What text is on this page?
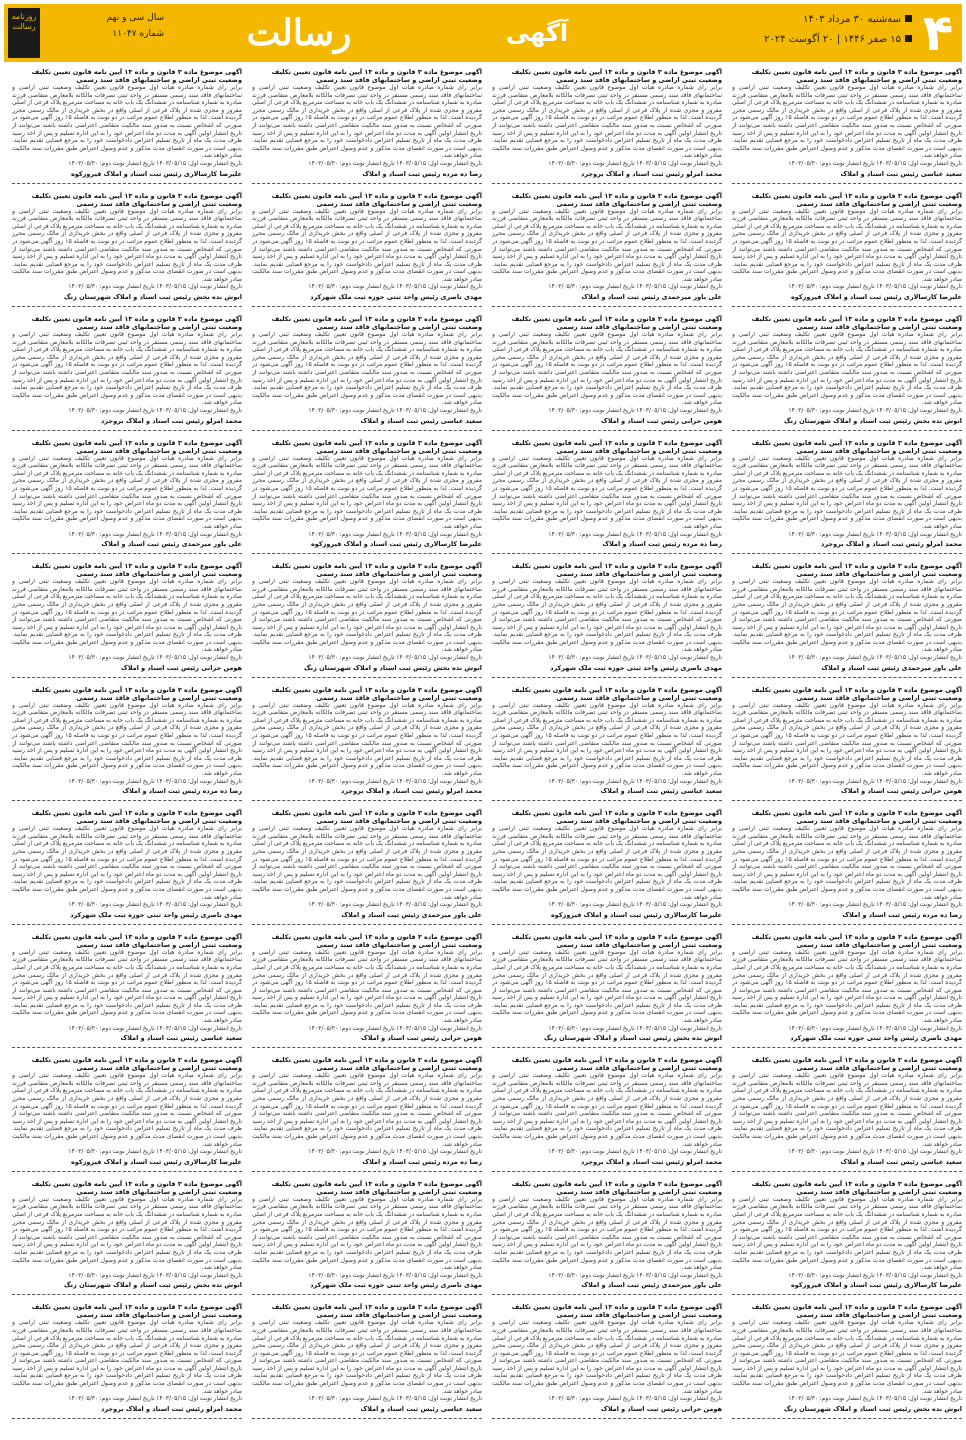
۴
سه‌شنبه ۳۰ مرداد ۱۴۰۳
۱۵ صفر ۱۴۴۶ | ۲۰ آگوست ۲۰۲۴
آگهی
رسالت
سال سی و نهم
شماره ۱۱۰۴۷
روزنامه رسالت
آگهی موضوع ماده ۳ قانون و ماده ۱۳ آیین نامه قانون تعیین تکلیف وضعیت ثبتی اراضی و ساختمانهای فاقد سند رسمی
برابر رای شماره صادره هیات اول موضوع قانون تعیین تکلیف وضعیت ثبتی اراضی و ساختمانهای فاقد سند رسمی مستقر در واحد ثبتی تصرفات مالکانه بلامعارض متقاضی فرزند صادره به شماره شناسنامه در ششدانگ یک باب خانه به مساحت مترمربع پلاک فرعی از اصلی مفروز و مجزی شده از پلاک فرعی از اصلی واقع در بخش خریداری از مالک رسمی محرز گردیده است. لذا به منظور اطلاع عموم مراتب در دو نوبت به فاصله ۱۵ روز آگهی می‌شود در صورتی که اشخاص نسبت به صدور سند مالکیت متقاضی اعتراضی داشته باشند می‌توانند از تاریخ انتشار اولین آگهی به مدت دو ماه اعتراض خود را به این اداره تسلیم و پس از اخذ رسید ظرف مدت یک ماه از تاریخ تسلیم اعتراض دادخواست خود را به مرجع قضایی تقدیم نمایند. بدیهی است در صورت انقضای مدت مذکور و عدم وصول اعتراض طبق مقررات سند مالکیت صادر خواهد شد.
تاریخ انتشار نوبت اول: ۱۴۰۳/۰۵/۱۵ تاریخ انتشار نوبت دوم: ۱۴۰۳/۰۵/۳۰
سعید عباسی رئیس ثبت اسناد و املاک
آگهی موضوع ماده ۳ قانون و ماده ۱۳ آیین نامه قانون تعیین تکلیف وضعیت ثبتی اراضی و ساختمانهای فاقد سند رسمی
برابر رای شماره صادره هیات اول موضوع قانون تعیین تکلیف وضعیت ثبتی اراضی و ساختمانهای فاقد سند رسمی مستقر در واحد ثبتی تصرفات مالکانه بلامعارض متقاضی فرزند صادره به شماره شناسنامه در ششدانگ یک باب خانه به مساحت مترمربع پلاک فرعی از اصلی مفروز و مجزی شده از پلاک فرعی از اصلی واقع در بخش خریداری از مالک رسمی محرز گردیده است. لذا به منظور اطلاع عموم مراتب در دو نوبت به فاصله ۱۵ روز آگهی می‌شود در صورتی که اشخاص نسبت به صدور سند مالکیت متقاضی اعتراضی داشته باشند می‌توانند از تاریخ انتشار اولین آگهی به مدت دو ماه اعتراض خود را به این اداره تسلیم و پس از اخذ رسید ظرف مدت یک ماه از تاریخ تسلیم اعتراض دادخواست خود را به مرجع قضایی تقدیم نمایند. بدیهی است در صورت انقضای مدت مذکور و عدم وصول اعتراض طبق مقررات سند مالکیت صادر خواهد شد.
تاریخ انتشار نوبت اول: ۱۴۰۳/۰۵/۱۵ تاریخ انتشار نوبت دوم: ۱۴۰۳/۰۵/۳۰
علیرضا کارسالاری رئیس ثبت اسناد و املاک فیروزکوه
آگهی موضوع ماده ۳ قانون و ماده ۱۳ آیین نامه قانون تعیین تکلیف وضعیت ثبتی اراضی و ساختمانهای فاقد سند رسمی
برابر رای شماره صادره هیات اول موضوع قانون تعیین تکلیف وضعیت ثبتی اراضی و ساختمانهای فاقد سند رسمی مستقر در واحد ثبتی تصرفات مالکانه بلامعارض متقاضی فرزند صادره به شماره شناسنامه در ششدانگ یک باب خانه به مساحت مترمربع پلاک فرعی از اصلی مفروز و مجزی شده از پلاک فرعی از اصلی واقع در بخش خریداری از مالک رسمی محرز گردیده است. لذا به منظور اطلاع عموم مراتب در دو نوبت به فاصله ۱۵ روز آگهی می‌شود در صورتی که اشخاص نسبت به صدور سند مالکیت متقاضی اعتراضی داشته باشند می‌توانند از تاریخ انتشار اولین آگهی به مدت دو ماه اعتراض خود را به این اداره تسلیم و پس از اخذ رسید ظرف مدت یک ماه از تاریخ تسلیم اعتراض دادخواست خود را به مرجع قضایی تقدیم نمایند. بدیهی است در صورت انقضای مدت مذکور و عدم وصول اعتراض طبق مقررات سند مالکیت صادر خواهد شد.
تاریخ انتشار نوبت اول: ۱۴۰۳/۰۵/۱۵ تاریخ انتشار نوبت دوم: ۱۴۰۳/۰۵/۳۰
انوش نده بخش رئیس ثبت اسناد و املاک شهرستان زنگ
آگهی موضوع ماده ۳ قانون و ماده ۱۳ آیین نامه قانون تعیین تکلیف وضعیت ثبتی اراضی و ساختمانهای فاقد سند رسمی
برابر رای شماره صادره هیات اول موضوع قانون تعیین تکلیف وضعیت ثبتی اراضی و ساختمانهای فاقد سند رسمی مستقر در واحد ثبتی تصرفات مالکانه بلامعارض متقاضی فرزند صادره به شماره شناسنامه در ششدانگ یک باب خانه به مساحت مترمربع پلاک فرعی از اصلی مفروز و مجزی شده از پلاک فرعی از اصلی واقع در بخش خریداری از مالک رسمی محرز گردیده است. لذا به منظور اطلاع عموم مراتب در دو نوبت به فاصله ۱۵ روز آگهی می‌شود در صورتی که اشخاص نسبت به صدور سند مالکیت متقاضی اعتراضی داشته باشند می‌توانند از تاریخ انتشار اولین آگهی به مدت دو ماه اعتراض خود را به این اداره تسلیم و پس از اخذ رسید ظرف مدت یک ماه از تاریخ تسلیم اعتراض دادخواست خود را به مرجع قضایی تقدیم نمایند. بدیهی است در صورت انقضای مدت مذکور و عدم وصول اعتراض طبق مقررات سند مالکیت صادر خواهد شد.
تاریخ انتشار نوبت اول: ۱۴۰۳/۰۵/۱۵ تاریخ انتشار نوبت دوم: ۱۴۰۳/۰۵/۳۰
محمد امرلو رئیس ثبت اسناد و املاک بروجرد
آگهی موضوع ماده ۳ قانون و ماده ۱۳ آیین نامه قانون تعیین تکلیف وضعیت ثبتی اراضی و ساختمانهای فاقد سند رسمی
برابر رای شماره صادره هیات اول موضوع قانون تعیین تکلیف وضعیت ثبتی اراضی و ساختمانهای فاقد سند رسمی مستقر در واحد ثبتی تصرفات مالکانه بلامعارض متقاضی فرزند صادره به شماره شناسنامه در ششدانگ یک باب خانه به مساحت مترمربع پلاک فرعی از اصلی مفروز و مجزی شده از پلاک فرعی از اصلی واقع در بخش خریداری از مالک رسمی محرز گردیده است. لذا به منظور اطلاع عموم مراتب در دو نوبت به فاصله ۱۵ روز آگهی می‌شود در صورتی که اشخاص نسبت به صدور سند مالکیت متقاضی اعتراضی داشته باشند می‌توانند از تاریخ انتشار اولین آگهی به مدت دو ماه اعتراض خود را به این اداره تسلیم و پس از اخذ رسید ظرف مدت یک ماه از تاریخ تسلیم اعتراض دادخواست خود را به مرجع قضایی تقدیم نمایند. بدیهی است در صورت انقضای مدت مذکور و عدم وصول اعتراض طبق مقررات سند مالکیت صادر خواهد شد.
تاریخ انتشار نوبت اول: ۱۴۰۳/۰۵/۱۵ تاریخ انتشار نوبت دوم: ۱۴۰۳/۰۵/۳۰
علی یاور میرحمدی رئیس ثبت اسناد و املاک
آگهی موضوع ماده ۳ قانون و ماده ۱۳ آیین نامه قانون تعیین تکلیف وضعیت ثبتی اراضی و ساختمانهای فاقد سند رسمی
برابر رای شماره صادره هیات اول موضوع قانون تعیین تکلیف وضعیت ثبتی اراضی و ساختمانهای فاقد سند رسمی مستقر در واحد ثبتی تصرفات مالکانه بلامعارض متقاضی فرزند صادره به شماره شناسنامه در ششدانگ یک باب خانه به مساحت مترمربع پلاک فرعی از اصلی مفروز و مجزی شده از پلاک فرعی از اصلی واقع در بخش خریداری از مالک رسمی محرز گردیده است. لذا به منظور اطلاع عموم مراتب در دو نوبت به فاصله ۱۵ روز آگهی می‌شود در صورتی که اشخاص نسبت به صدور سند مالکیت متقاضی اعتراضی داشته باشند می‌توانند از تاریخ انتشار اولین آگهی به مدت دو ماه اعتراض خود را به این اداره تسلیم و پس از اخذ رسید ظرف مدت یک ماه از تاریخ تسلیم اعتراض دادخواست خود را به مرجع قضایی تقدیم نمایند. بدیهی است در صورت انقضای مدت مذکور و عدم وصول اعتراض طبق مقررات سند مالکیت صادر خواهد شد.
تاریخ انتشار نوبت اول: ۱۴۰۳/۰۵/۱۵ تاریخ انتشار نوبت دوم: ۱۴۰۳/۰۵/۳۰
هومن حرانی رئیس ثبت اسناد و املاک
آگهی موضوع ماده ۳ قانون و ماده ۱۳ آیین نامه قانون تعیین تکلیف وضعیت ثبتی اراضی و ساختمانهای فاقد سند رسمی
برابر رای شماره صادره هیات اول موضوع قانون تعیین تکلیف وضعیت ثبتی اراضی و ساختمانهای فاقد سند رسمی مستقر در واحد ثبتی تصرفات مالکانه بلامعارض متقاضی فرزند صادره به شماره شناسنامه در ششدانگ یک باب خانه به مساحت مترمربع پلاک فرعی از اصلی مفروز و مجزی شده از پلاک فرعی از اصلی واقع در بخش خریداری از مالک رسمی محرز گردیده است. لذا به منظور اطلاع عموم مراتب در دو نوبت به فاصله ۱۵ روز آگهی می‌شود در صورتی که اشخاص نسبت به صدور سند مالکیت متقاضی اعتراضی داشته باشند می‌توانند از تاریخ انتشار اولین آگهی به مدت دو ماه اعتراض خود را به این اداره تسلیم و پس از اخذ رسید ظرف مدت یک ماه از تاریخ تسلیم اعتراض دادخواست خود را به مرجع قضایی تقدیم نمایند. بدیهی است در صورت انقضای مدت مذکور و عدم وصول اعتراض طبق مقررات سند مالکیت صادر خواهد شد.
تاریخ انتشار نوبت اول: ۱۴۰۳/۰۵/۱۵ تاریخ انتشار نوبت دوم: ۱۴۰۳/۰۵/۳۰
رضا ده مرده رئیس ثبت اسناد و املاک
آگهی موضوع ماده ۳ قانون و ماده ۱۳ آیین نامه قانون تعیین تکلیف وضعیت ثبتی اراضی و ساختمانهای فاقد سند رسمی
برابر رای شماره صادره هیات اول موضوع قانون تعیین تکلیف وضعیت ثبتی اراضی و ساختمانهای فاقد سند رسمی مستقر در واحد ثبتی تصرفات مالکانه بلامعارض متقاضی فرزند صادره به شماره شناسنامه در ششدانگ یک باب خانه به مساحت مترمربع پلاک فرعی از اصلی مفروز و مجزی شده از پلاک فرعی از اصلی واقع در بخش خریداری از مالک رسمی محرز گردیده است. لذا به منظور اطلاع عموم مراتب در دو نوبت به فاصله ۱۵ روز آگهی می‌شود در صورتی که اشخاص نسبت به صدور سند مالکیت متقاضی اعتراضی داشته باشند می‌توانند از تاریخ انتشار اولین آگهی به مدت دو ماه اعتراض خود را به این اداره تسلیم و پس از اخذ رسید ظرف مدت یک ماه از تاریخ تسلیم اعتراض دادخواست خود را به مرجع قضایی تقدیم نمایند. بدیهی است در صورت انقضای مدت مذکور و عدم وصول اعتراض طبق مقررات سند مالکیت صادر خواهد شد.
تاریخ انتشار نوبت اول: ۱۴۰۳/۰۵/۱۵ تاریخ انتشار نوبت دوم: ۱۴۰۳/۰۵/۳۰
مهدی ناصری رئیس واحد ثبتی حوزه ثبت ملک شهرکرد
آگهی موضوع ماده ۳ قانون و ماده ۱۳ آیین نامه قانون تعیین تکلیف وضعیت ثبتی اراضی و ساختمانهای فاقد سند رسمی
برابر رای شماره صادره هیات اول موضوع قانون تعیین تکلیف وضعیت ثبتی اراضی و ساختمانهای فاقد سند رسمی مستقر در واحد ثبتی تصرفات مالکانه بلامعارض متقاضی فرزند صادره به شماره شناسنامه در ششدانگ یک باب خانه به مساحت مترمربع پلاک فرعی از اصلی مفروز و مجزی شده از پلاک فرعی از اصلی واقع در بخش خریداری از مالک رسمی محرز گردیده است. لذا به منظور اطلاع عموم مراتب در دو نوبت به فاصله ۱۵ روز آگهی می‌شود در صورتی که اشخاص نسبت به صدور سند مالکیت متقاضی اعتراضی داشته باشند می‌توانند از تاریخ انتشار اولین آگهی به مدت دو ماه اعتراض خود را به این اداره تسلیم و پس از اخذ رسید ظرف مدت یک ماه از تاریخ تسلیم اعتراض دادخواست خود را به مرجع قضایی تقدیم نمایند. بدیهی است در صورت انقضای مدت مذکور و عدم وصول اعتراض طبق مقررات سند مالکیت صادر خواهد شد.
تاریخ انتشار نوبت اول: ۱۴۰۳/۰۵/۱۵ تاریخ انتشار نوبت دوم: ۱۴۰۳/۰۵/۳۰
سعید عباسی رئیس ثبت اسناد و املاک
آگهی موضوع ماده ۳ قانون و ماده ۱۳ آیین نامه قانون تعیین تکلیف وضعیت ثبتی اراضی و ساختمانهای فاقد سند رسمی
برابر رای شماره صادره هیات اول موضوع قانون تعیین تکلیف وضعیت ثبتی اراضی و ساختمانهای فاقد سند رسمی مستقر در واحد ثبتی تصرفات مالکانه بلامعارض متقاضی فرزند صادره به شماره شناسنامه در ششدانگ یک باب خانه به مساحت مترمربع پلاک فرعی از اصلی مفروز و مجزی شده از پلاک فرعی از اصلی واقع در بخش خریداری از مالک رسمی محرز گردیده است. لذا به منظور اطلاع عموم مراتب در دو نوبت به فاصله ۱۵ روز آگهی می‌شود در صورتی که اشخاص نسبت به صدور سند مالکیت متقاضی اعتراضی داشته باشند می‌توانند از تاریخ انتشار اولین آگهی به مدت دو ماه اعتراض خود را به این اداره تسلیم و پس از اخذ رسید ظرف مدت یک ماه از تاریخ تسلیم اعتراض دادخواست خود را به مرجع قضایی تقدیم نمایند. بدیهی است در صورت انقضای مدت مذکور و عدم وصول اعتراض طبق مقررات سند مالکیت صادر خواهد شد.
تاریخ انتشار نوبت اول: ۱۴۰۳/۰۵/۱۵ تاریخ انتشار نوبت دوم: ۱۴۰۳/۰۵/۳۰
علیرضا کارسالاری رئیس ثبت اسناد و املاک فیروزکوه
آگهی موضوع ماده ۳ قانون و ماده ۱۳ آیین نامه قانون تعیین تکلیف وضعیت ثبتی اراضی و ساختمانهای فاقد سند رسمی
برابر رای شماره صادره هیات اول موضوع قانون تعیین تکلیف وضعیت ثبتی اراضی و ساختمانهای فاقد سند رسمی مستقر در واحد ثبتی تصرفات مالکانه بلامعارض متقاضی فرزند صادره به شماره شناسنامه در ششدانگ یک باب خانه به مساحت مترمربع پلاک فرعی از اصلی مفروز و مجزی شده از پلاک فرعی از اصلی واقع در بخش خریداری از مالک رسمی محرز گردیده است. لذا به منظور اطلاع عموم مراتب در دو نوبت به فاصله ۱۵ روز آگهی می‌شود در صورتی که اشخاص نسبت به صدور سند مالکیت متقاضی اعتراضی داشته باشند می‌توانند از تاریخ انتشار اولین آگهی به مدت دو ماه اعتراض خود را به این اداره تسلیم و پس از اخذ رسید ظرف مدت یک ماه از تاریخ تسلیم اعتراض دادخواست خود را به مرجع قضایی تقدیم نمایند. بدیهی است در صورت انقضای مدت مذکور و عدم وصول اعتراض طبق مقررات سند مالکیت صادر خواهد شد.
تاریخ انتشار نوبت اول: ۱۴۰۳/۰۵/۱۵ تاریخ انتشار نوبت دوم: ۱۴۰۳/۰۵/۳۰
انوش نده بخش رئیس ثبت اسناد و املاک شهرستان زنگ
آگهی موضوع ماده ۳ قانون و ماده ۱۳ آیین نامه قانون تعیین تکلیف وضعیت ثبتی اراضی و ساختمانهای فاقد سند رسمی
برابر رای شماره صادره هیات اول موضوع قانون تعیین تکلیف وضعیت ثبتی اراضی و ساختمانهای فاقد سند رسمی مستقر در واحد ثبتی تصرفات مالکانه بلامعارض متقاضی فرزند صادره به شماره شناسنامه در ششدانگ یک باب خانه به مساحت مترمربع پلاک فرعی از اصلی مفروز و مجزی شده از پلاک فرعی از اصلی واقع در بخش خریداری از مالک رسمی محرز گردیده است. لذا به منظور اطلاع عموم مراتب در دو نوبت به فاصله ۱۵ روز آگهی می‌شود در صورتی که اشخاص نسبت به صدور سند مالکیت متقاضی اعتراضی داشته باشند می‌توانند از تاریخ انتشار اولین آگهی به مدت دو ماه اعتراض خود را به این اداره تسلیم و پس از اخذ رسید ظرف مدت یک ماه از تاریخ تسلیم اعتراض دادخواست خود را به مرجع قضایی تقدیم نمایند. بدیهی است در صورت انقضای مدت مذکور و عدم وصول اعتراض طبق مقررات سند مالکیت صادر خواهد شد.
تاریخ انتشار نوبت اول: ۱۴۰۳/۰۵/۱۵ تاریخ انتشار نوبت دوم: ۱۴۰۳/۰۵/۳۰
محمد امرلو رئیس ثبت اسناد و املاک بروجرد
آگهی موضوع ماده ۳ قانون و ماده ۱۳ آیین نامه قانون تعیین تکلیف وضعیت ثبتی اراضی و ساختمانهای فاقد سند رسمی
برابر رای شماره صادره هیات اول موضوع قانون تعیین تکلیف وضعیت ثبتی اراضی و ساختمانهای فاقد سند رسمی مستقر در واحد ثبتی تصرفات مالکانه بلامعارض متقاضی فرزند صادره به شماره شناسنامه در ششدانگ یک باب خانه به مساحت مترمربع پلاک فرعی از اصلی مفروز و مجزی شده از پلاک فرعی از اصلی واقع در بخش خریداری از مالک رسمی محرز گردیده است. لذا به منظور اطلاع عموم مراتب در دو نوبت به فاصله ۱۵ روز آگهی می‌شود در صورتی که اشخاص نسبت به صدور سند مالکیت متقاضی اعتراضی داشته باشند می‌توانند از تاریخ انتشار اولین آگهی به مدت دو ماه اعتراض خود را به این اداره تسلیم و پس از اخذ رسید ظرف مدت یک ماه از تاریخ تسلیم اعتراض دادخواست خود را به مرجع قضایی تقدیم نمایند. بدیهی است در صورت انقضای مدت مذکور و عدم وصول اعتراض طبق مقررات سند مالکیت صادر خواهد شد.
تاریخ انتشار نوبت اول: ۱۴۰۳/۰۵/۱۵ تاریخ انتشار نوبت دوم: ۱۴۰۳/۰۵/۳۰
علی یاور میرحمدی رئیس ثبت اسناد و املاک
آگهی موضوع ماده ۳ قانون و ماده ۱۳ آیین نامه قانون تعیین تکلیف وضعیت ثبتی اراضی و ساختمانهای فاقد سند رسمی
برابر رای شماره صادره هیات اول موضوع قانون تعیین تکلیف وضعیت ثبتی اراضی و ساختمانهای فاقد سند رسمی مستقر در واحد ثبتی تصرفات مالکانه بلامعارض متقاضی فرزند صادره به شماره شناسنامه در ششدانگ یک باب خانه به مساحت مترمربع پلاک فرعی از اصلی مفروز و مجزی شده از پلاک فرعی از اصلی واقع در بخش خریداری از مالک رسمی محرز گردیده است. لذا به منظور اطلاع عموم مراتب در دو نوبت به فاصله ۱۵ روز آگهی می‌شود در صورتی که اشخاص نسبت به صدور سند مالکیت متقاضی اعتراضی داشته باشند می‌توانند از تاریخ انتشار اولین آگهی به مدت دو ماه اعتراض خود را به این اداره تسلیم و پس از اخذ رسید ظرف مدت یک ماه از تاریخ تسلیم اعتراض دادخواست خود را به مرجع قضایی تقدیم نمایند. بدیهی است در صورت انقضای مدت مذکور و عدم وصول اعتراض طبق مقررات سند مالکیت صادر خواهد شد.
تاریخ انتشار نوبت اول: ۱۴۰۳/۰۵/۱۵ تاریخ انتشار نوبت دوم: ۱۴۰۳/۰۵/۳۰
هومن حرانی رئیس ثبت اسناد و املاک
آگهی موضوع ماده ۳ قانون و ماده ۱۳ آیین نامه قانون تعیین تکلیف وضعیت ثبتی اراضی و ساختمانهای فاقد سند رسمی
برابر رای شماره صادره هیات اول موضوع قانون تعیین تکلیف وضعیت ثبتی اراضی و ساختمانهای فاقد سند رسمی مستقر در واحد ثبتی تصرفات مالکانه بلامعارض متقاضی فرزند صادره به شماره شناسنامه در ششدانگ یک باب خانه به مساحت مترمربع پلاک فرعی از اصلی مفروز و مجزی شده از پلاک فرعی از اصلی واقع در بخش خریداری از مالک رسمی محرز گردیده است. لذا به منظور اطلاع عموم مراتب در دو نوبت به فاصله ۱۵ روز آگهی می‌شود در صورتی که اشخاص نسبت به صدور سند مالکیت متقاضی اعتراضی داشته باشند می‌توانند از تاریخ انتشار اولین آگهی به مدت دو ماه اعتراض خود را به این اداره تسلیم و پس از اخذ رسید ظرف مدت یک ماه از تاریخ تسلیم اعتراض دادخواست خود را به مرجع قضایی تقدیم نمایند. بدیهی است در صورت انقضای مدت مذکور و عدم وصول اعتراض طبق مقررات سند مالکیت صادر خواهد شد.
تاریخ انتشار نوبت اول: ۱۴۰۳/۰۵/۱۵ تاریخ انتشار نوبت دوم: ۱۴۰۳/۰۵/۳۰
رضا ده مرده رئیس ثبت اسناد و املاک
آگهی موضوع ماده ۳ قانون و ماده ۱۳ آیین نامه قانون تعیین تکلیف وضعیت ثبتی اراضی و ساختمانهای فاقد سند رسمی
برابر رای شماره صادره هیات اول موضوع قانون تعیین تکلیف وضعیت ثبتی اراضی و ساختمانهای فاقد سند رسمی مستقر در واحد ثبتی تصرفات مالکانه بلامعارض متقاضی فرزند صادره به شماره شناسنامه در ششدانگ یک باب خانه به مساحت مترمربع پلاک فرعی از اصلی مفروز و مجزی شده از پلاک فرعی از اصلی واقع در بخش خریداری از مالک رسمی محرز گردیده است. لذا به منظور اطلاع عموم مراتب در دو نوبت به فاصله ۱۵ روز آگهی می‌شود در صورتی که اشخاص نسبت به صدور سند مالکیت متقاضی اعتراضی داشته باشند می‌توانند از تاریخ انتشار اولین آگهی به مدت دو ماه اعتراض خود را به این اداره تسلیم و پس از اخذ رسید ظرف مدت یک ماه از تاریخ تسلیم اعتراض دادخواست خود را به مرجع قضایی تقدیم نمایند. بدیهی است در صورت انقضای مدت مذکور و عدم وصول اعتراض طبق مقررات سند مالکیت صادر خواهد شد.
تاریخ انتشار نوبت اول: ۱۴۰۳/۰۵/۱۵ تاریخ انتشار نوبت دوم: ۱۴۰۳/۰۵/۳۰
مهدی ناصری رئیس واحد ثبتی حوزه ثبت ملک شهرکرد
آگهی موضوع ماده ۳ قانون و ماده ۱۳ آیین نامه قانون تعیین تکلیف وضعیت ثبتی اراضی و ساختمانهای فاقد سند رسمی
برابر رای شماره صادره هیات اول موضوع قانون تعیین تکلیف وضعیت ثبتی اراضی و ساختمانهای فاقد سند رسمی مستقر در واحد ثبتی تصرفات مالکانه بلامعارض متقاضی فرزند صادره به شماره شناسنامه در ششدانگ یک باب خانه به مساحت مترمربع پلاک فرعی از اصلی مفروز و مجزی شده از پلاک فرعی از اصلی واقع در بخش خریداری از مالک رسمی محرز گردیده است. لذا به منظور اطلاع عموم مراتب در دو نوبت به فاصله ۱۵ روز آگهی می‌شود در صورتی که اشخاص نسبت به صدور سند مالکیت متقاضی اعتراضی داشته باشند می‌توانند از تاریخ انتشار اولین آگهی به مدت دو ماه اعتراض خود را به این اداره تسلیم و پس از اخذ رسید ظرف مدت یک ماه از تاریخ تسلیم اعتراض دادخواست خود را به مرجع قضایی تقدیم نمایند. بدیهی است در صورت انقضای مدت مذکور و عدم وصول اعتراض طبق مقررات سند مالکیت صادر خواهد شد.
تاریخ انتشار نوبت اول: ۱۴۰۳/۰۵/۱۵ تاریخ انتشار نوبت دوم: ۱۴۰۳/۰۵/۳۰
سعید عباسی رئیس ثبت اسناد و املاک
آگهی موضوع ماده ۳ قانون و ماده ۱۳ آیین نامه قانون تعیین تکلیف وضعیت ثبتی اراضی و ساختمانهای فاقد سند رسمی
برابر رای شماره صادره هیات اول موضوع قانون تعیین تکلیف وضعیت ثبتی اراضی و ساختمانهای فاقد سند رسمی مستقر در واحد ثبتی تصرفات مالکانه بلامعارض متقاضی فرزند صادره به شماره شناسنامه در ششدانگ یک باب خانه به مساحت مترمربع پلاک فرعی از اصلی مفروز و مجزی شده از پلاک فرعی از اصلی واقع در بخش خریداری از مالک رسمی محرز گردیده است. لذا به منظور اطلاع عموم مراتب در دو نوبت به فاصله ۱۵ روز آگهی می‌شود در صورتی که اشخاص نسبت به صدور سند مالکیت متقاضی اعتراضی داشته باشند می‌توانند از تاریخ انتشار اولین آگهی به مدت دو ماه اعتراض خود را به این اداره تسلیم و پس از اخذ رسید ظرف مدت یک ماه از تاریخ تسلیم اعتراض دادخواست خود را به مرجع قضایی تقدیم نمایند. بدیهی است در صورت انقضای مدت مذکور و عدم وصول اعتراض طبق مقررات سند مالکیت صادر خواهد شد.
تاریخ انتشار نوبت اول: ۱۴۰۳/۰۵/۱۵ تاریخ انتشار نوبت دوم: ۱۴۰۳/۰۵/۳۰
علیرضا کارسالاری رئیس ثبت اسناد و املاک فیروزکوه
آگهی موضوع ماده ۳ قانون و ماده ۱۳ آیین نامه قانون تعیین تکلیف وضعیت ثبتی اراضی و ساختمانهای فاقد سند رسمی
برابر رای شماره صادره هیات اول موضوع قانون تعیین تکلیف وضعیت ثبتی اراضی و ساختمانهای فاقد سند رسمی مستقر در واحد ثبتی تصرفات مالکانه بلامعارض متقاضی فرزند صادره به شماره شناسنامه در ششدانگ یک باب خانه به مساحت مترمربع پلاک فرعی از اصلی مفروز و مجزی شده از پلاک فرعی از اصلی واقع در بخش خریداری از مالک رسمی محرز گردیده است. لذا به منظور اطلاع عموم مراتب در دو نوبت به فاصله ۱۵ روز آگهی می‌شود در صورتی که اشخاص نسبت به صدور سند مالکیت متقاضی اعتراضی داشته باشند می‌توانند از تاریخ انتشار اولین آگهی به مدت دو ماه اعتراض خود را به این اداره تسلیم و پس از اخذ رسید ظرف مدت یک ماه از تاریخ تسلیم اعتراض دادخواست خود را به مرجع قضایی تقدیم نمایند. بدیهی است در صورت انقضای مدت مذکور و عدم وصول اعتراض طبق مقررات سند مالکیت صادر خواهد شد.
تاریخ انتشار نوبت اول: ۱۴۰۳/۰۵/۱۵ تاریخ انتشار نوبت دوم: ۱۴۰۳/۰۵/۳۰
انوش نده بخش رئیس ثبت اسناد و املاک شهرستان زنگ
آگهی موضوع ماده ۳ قانون و ماده ۱۳ آیین نامه قانون تعیین تکلیف وضعیت ثبتی اراضی و ساختمانهای فاقد سند رسمی
برابر رای شماره صادره هیات اول موضوع قانون تعیین تکلیف وضعیت ثبتی اراضی و ساختمانهای فاقد سند رسمی مستقر در واحد ثبتی تصرفات مالکانه بلامعارض متقاضی فرزند صادره به شماره شناسنامه در ششدانگ یک باب خانه به مساحت مترمربع پلاک فرعی از اصلی مفروز و مجزی شده از پلاک فرعی از اصلی واقع در بخش خریداری از مالک رسمی محرز گردیده است. لذا به منظور اطلاع عموم مراتب در دو نوبت به فاصله ۱۵ روز آگهی می‌شود در صورتی که اشخاص نسبت به صدور سند مالکیت متقاضی اعتراضی داشته باشند می‌توانند از تاریخ انتشار اولین آگهی به مدت دو ماه اعتراض خود را به این اداره تسلیم و پس از اخذ رسید ظرف مدت یک ماه از تاریخ تسلیم اعتراض دادخواست خود را به مرجع قضایی تقدیم نمایند. بدیهی است در صورت انقضای مدت مذکور و عدم وصول اعتراض طبق مقررات سند مالکیت صادر خواهد شد.
تاریخ انتشار نوبت اول: ۱۴۰۳/۰۵/۱۵ تاریخ انتشار نوبت دوم: ۱۴۰۳/۰۵/۳۰
محمد امرلو رئیس ثبت اسناد و املاک بروجرد
آگهی موضوع ماده ۳ قانون و ماده ۱۳ آیین نامه قانون تعیین تکلیف وضعیت ثبتی اراضی و ساختمانهای فاقد سند رسمی
برابر رای شماره صادره هیات اول موضوع قانون تعیین تکلیف وضعیت ثبتی اراضی و ساختمانهای فاقد سند رسمی مستقر در واحد ثبتی تصرفات مالکانه بلامعارض متقاضی فرزند صادره به شماره شناسنامه در ششدانگ یک باب خانه به مساحت مترمربع پلاک فرعی از اصلی مفروز و مجزی شده از پلاک فرعی از اصلی واقع در بخش خریداری از مالک رسمی محرز گردیده است. لذا به منظور اطلاع عموم مراتب در دو نوبت به فاصله ۱۵ روز آگهی می‌شود در صورتی که اشخاص نسبت به صدور سند مالکیت متقاضی اعتراضی داشته باشند می‌توانند از تاریخ انتشار اولین آگهی به مدت دو ماه اعتراض خود را به این اداره تسلیم و پس از اخذ رسید ظرف مدت یک ماه از تاریخ تسلیم اعتراض دادخواست خود را به مرجع قضایی تقدیم نمایند. بدیهی است در صورت انقضای مدت مذکور و عدم وصول اعتراض طبق مقررات سند مالکیت صادر خواهد شد.
تاریخ انتشار نوبت اول: ۱۴۰۳/۰۵/۱۵ تاریخ انتشار نوبت دوم: ۱۴۰۳/۰۵/۳۰
علی یاور میرحمدی رئیس ثبت اسناد و املاک
آگهی موضوع ماده ۳ قانون و ماده ۱۳ آیین نامه قانون تعیین تکلیف وضعیت ثبتی اراضی و ساختمانهای فاقد سند رسمی
برابر رای شماره صادره هیات اول موضوع قانون تعیین تکلیف وضعیت ثبتی اراضی و ساختمانهای فاقد سند رسمی مستقر در واحد ثبتی تصرفات مالکانه بلامعارض متقاضی فرزند صادره به شماره شناسنامه در ششدانگ یک باب خانه به مساحت مترمربع پلاک فرعی از اصلی مفروز و مجزی شده از پلاک فرعی از اصلی واقع در بخش خریداری از مالک رسمی محرز گردیده است. لذا به منظور اطلاع عموم مراتب در دو نوبت به فاصله ۱۵ روز آگهی می‌شود در صورتی که اشخاص نسبت به صدور سند مالکیت متقاضی اعتراضی داشته باشند می‌توانند از تاریخ انتشار اولین آگهی به مدت دو ماه اعتراض خود را به این اداره تسلیم و پس از اخذ رسید ظرف مدت یک ماه از تاریخ تسلیم اعتراض دادخواست خود را به مرجع قضایی تقدیم نمایند. بدیهی است در صورت انقضای مدت مذکور و عدم وصول اعتراض طبق مقررات سند مالکیت صادر خواهد شد.
تاریخ انتشار نوبت اول: ۱۴۰۳/۰۵/۱۵ تاریخ انتشار نوبت دوم: ۱۴۰۳/۰۵/۳۰
هومن حرانی رئیس ثبت اسناد و املاک
آگهی موضوع ماده ۳ قانون و ماده ۱۳ آیین نامه قانون تعیین تکلیف وضعیت ثبتی اراضی و ساختمانهای فاقد سند رسمی
برابر رای شماره صادره هیات اول موضوع قانون تعیین تکلیف وضعیت ثبتی اراضی و ساختمانهای فاقد سند رسمی مستقر در واحد ثبتی تصرفات مالکانه بلامعارض متقاضی فرزند صادره به شماره شناسنامه در ششدانگ یک باب خانه به مساحت مترمربع پلاک فرعی از اصلی مفروز و مجزی شده از پلاک فرعی از اصلی واقع در بخش خریداری از مالک رسمی محرز گردیده است. لذا به منظور اطلاع عموم مراتب در دو نوبت به فاصله ۱۵ روز آگهی می‌شود در صورتی که اشخاص نسبت به صدور سند مالکیت متقاضی اعتراضی داشته باشند می‌توانند از تاریخ انتشار اولین آگهی به مدت دو ماه اعتراض خود را به این اداره تسلیم و پس از اخذ رسید ظرف مدت یک ماه از تاریخ تسلیم اعتراض دادخواست خود را به مرجع قضایی تقدیم نمایند. بدیهی است در صورت انقضای مدت مذکور و عدم وصول اعتراض طبق مقررات سند مالکیت صادر خواهد شد.
تاریخ انتشار نوبت اول: ۱۴۰۳/۰۵/۱۵ تاریخ انتشار نوبت دوم: ۱۴۰۳/۰۵/۳۰
رضا ده مرده رئیس ثبت اسناد و املاک
آگهی موضوع ماده ۳ قانون و ماده ۱۳ آیین نامه قانون تعیین تکلیف وضعیت ثبتی اراضی و ساختمانهای فاقد سند رسمی
برابر رای شماره صادره هیات اول موضوع قانون تعیین تکلیف وضعیت ثبتی اراضی و ساختمانهای فاقد سند رسمی مستقر در واحد ثبتی تصرفات مالکانه بلامعارض متقاضی فرزند صادره به شماره شناسنامه در ششدانگ یک باب خانه به مساحت مترمربع پلاک فرعی از اصلی مفروز و مجزی شده از پلاک فرعی از اصلی واقع در بخش خریداری از مالک رسمی محرز گردیده است. لذا به منظور اطلاع عموم مراتب در دو نوبت به فاصله ۱۵ روز آگهی می‌شود در صورتی که اشخاص نسبت به صدور سند مالکیت متقاضی اعتراضی داشته باشند می‌توانند از تاریخ انتشار اولین آگهی به مدت دو ماه اعتراض خود را به این اداره تسلیم و پس از اخذ رسید ظرف مدت یک ماه از تاریخ تسلیم اعتراض دادخواست خود را به مرجع قضایی تقدیم نمایند. بدیهی است در صورت انقضای مدت مذکور و عدم وصول اعتراض طبق مقررات سند مالکیت صادر خواهد شد.
تاریخ انتشار نوبت اول: ۱۴۰۳/۰۵/۱۵ تاریخ انتشار نوبت دوم: ۱۴۰۳/۰۵/۳۰
مهدی ناصری رئیس واحد ثبتی حوزه ثبت ملک شهرکرد
آگهی موضوع ماده ۳ قانون و ماده ۱۳ آیین نامه قانون تعیین تکلیف وضعیت ثبتی اراضی و ساختمانهای فاقد سند رسمی
برابر رای شماره صادره هیات اول موضوع قانون تعیین تکلیف وضعیت ثبتی اراضی و ساختمانهای فاقد سند رسمی مستقر در واحد ثبتی تصرفات مالکانه بلامعارض متقاضی فرزند صادره به شماره شناسنامه در ششدانگ یک باب خانه به مساحت مترمربع پلاک فرعی از اصلی مفروز و مجزی شده از پلاک فرعی از اصلی واقع در بخش خریداری از مالک رسمی محرز گردیده است. لذا به منظور اطلاع عموم مراتب در دو نوبت به فاصله ۱۵ روز آگهی می‌شود در صورتی که اشخاص نسبت به صدور سند مالکیت متقاضی اعتراضی داشته باشند می‌توانند از تاریخ انتشار اولین آگهی به مدت دو ماه اعتراض خود را به این اداره تسلیم و پس از اخذ رسید ظرف مدت یک ماه از تاریخ تسلیم اعتراض دادخواست خود را به مرجع قضایی تقدیم نمایند. بدیهی است در صورت انقضای مدت مذکور و عدم وصول اعتراض طبق مقررات سند مالکیت صادر خواهد شد.
تاریخ انتشار نوبت اول: ۱۴۰۳/۰۵/۱۵ تاریخ انتشار نوبت دوم: ۱۴۰۳/۰۵/۳۰
سعید عباسی رئیس ثبت اسناد و املاک
آگهی موضوع ماده ۳ قانون و ماده ۱۳ آیین نامه قانون تعیین تکلیف وضعیت ثبتی اراضی و ساختمانهای فاقد سند رسمی
برابر رای شماره صادره هیات اول موضوع قانون تعیین تکلیف وضعیت ثبتی اراضی و ساختمانهای فاقد سند رسمی مستقر در واحد ثبتی تصرفات مالکانه بلامعارض متقاضی فرزند صادره به شماره شناسنامه در ششدانگ یک باب خانه به مساحت مترمربع پلاک فرعی از اصلی مفروز و مجزی شده از پلاک فرعی از اصلی واقع در بخش خریداری از مالک رسمی محرز گردیده است. لذا به منظور اطلاع عموم مراتب در دو نوبت به فاصله ۱۵ روز آگهی می‌شود در صورتی که اشخاص نسبت به صدور سند مالکیت متقاضی اعتراضی داشته باشند می‌توانند از تاریخ انتشار اولین آگهی به مدت دو ماه اعتراض خود را به این اداره تسلیم و پس از اخذ رسید ظرف مدت یک ماه از تاریخ تسلیم اعتراض دادخواست خود را به مرجع قضایی تقدیم نمایند. بدیهی است در صورت انقضای مدت مذکور و عدم وصول اعتراض طبق مقررات سند مالکیت صادر خواهد شد.
تاریخ انتشار نوبت اول: ۱۴۰۳/۰۵/۱۵ تاریخ انتشار نوبت دوم: ۱۴۰۳/۰۵/۳۰
علیرضا کارسالاری رئیس ثبت اسناد و املاک فیروزکوه
آگهی موضوع ماده ۳ قانون و ماده ۱۳ آیین نامه قانون تعیین تکلیف وضعیت ثبتی اراضی و ساختمانهای فاقد سند رسمی
برابر رای شماره صادره هیات اول موضوع قانون تعیین تکلیف وضعیت ثبتی اراضی و ساختمانهای فاقد سند رسمی مستقر در واحد ثبتی تصرفات مالکانه بلامعارض متقاضی فرزند صادره به شماره شناسنامه در ششدانگ یک باب خانه به مساحت مترمربع پلاک فرعی از اصلی مفروز و مجزی شده از پلاک فرعی از اصلی واقع در بخش خریداری از مالک رسمی محرز گردیده است. لذا به منظور اطلاع عموم مراتب در دو نوبت به فاصله ۱۵ روز آگهی می‌شود در صورتی که اشخاص نسبت به صدور سند مالکیت متقاضی اعتراضی داشته باشند می‌توانند از تاریخ انتشار اولین آگهی به مدت دو ماه اعتراض خود را به این اداره تسلیم و پس از اخذ رسید ظرف مدت یک ماه از تاریخ تسلیم اعتراض دادخواست خود را به مرجع قضایی تقدیم نمایند. بدیهی است در صورت انقضای مدت مذکور و عدم وصول اعتراض طبق مقررات سند مالکیت صادر خواهد شد.
تاریخ انتشار نوبت اول: ۱۴۰۳/۰۵/۱۵ تاریخ انتشار نوبت دوم: ۱۴۰۳/۰۵/۳۰
انوش نده بخش رئیس ثبت اسناد و املاک شهرستان زنگ
آگهی موضوع ماده ۳ قانون و ماده ۱۳ آیین نامه قانون تعیین تکلیف وضعیت ثبتی اراضی و ساختمانهای فاقد سند رسمی
برابر رای شماره صادره هیات اول موضوع قانون تعیین تکلیف وضعیت ثبتی اراضی و ساختمانهای فاقد سند رسمی مستقر در واحد ثبتی تصرفات مالکانه بلامعارض متقاضی فرزند صادره به شماره شناسنامه در ششدانگ یک باب خانه به مساحت مترمربع پلاک فرعی از اصلی مفروز و مجزی شده از پلاک فرعی از اصلی واقع در بخش خریداری از مالک رسمی محرز گردیده است. لذا به منظور اطلاع عموم مراتب در دو نوبت به فاصله ۱۵ روز آگهی می‌شود در صورتی که اشخاص نسبت به صدور سند مالکیت متقاضی اعتراضی داشته باشند می‌توانند از تاریخ انتشار اولین آگهی به مدت دو ماه اعتراض خود را به این اداره تسلیم و پس از اخذ رسید ظرف مدت یک ماه از تاریخ تسلیم اعتراض دادخواست خود را به مرجع قضایی تقدیم نمایند. بدیهی است در صورت انقضای مدت مذکور و عدم وصول اعتراض طبق مقررات سند مالکیت صادر خواهد شد.
تاریخ انتشار نوبت اول: ۱۴۰۳/۰۵/۱۵ تاریخ انتشار نوبت دوم: ۱۴۰۳/۰۵/۳۰
محمد امرلو رئیس ثبت اسناد و املاک بروجرد
آگهی موضوع ماده ۳ قانون و ماده ۱۳ آیین نامه قانون تعیین تکلیف وضعیت ثبتی اراضی و ساختمانهای فاقد سند رسمی
برابر رای شماره صادره هیات اول موضوع قانون تعیین تکلیف وضعیت ثبتی اراضی و ساختمانهای فاقد سند رسمی مستقر در واحد ثبتی تصرفات مالکانه بلامعارض متقاضی فرزند صادره به شماره شناسنامه در ششدانگ یک باب خانه به مساحت مترمربع پلاک فرعی از اصلی مفروز و مجزی شده از پلاک فرعی از اصلی واقع در بخش خریداری از مالک رسمی محرز گردیده است. لذا به منظور اطلاع عموم مراتب در دو نوبت به فاصله ۱۵ روز آگهی می‌شود در صورتی که اشخاص نسبت به صدور سند مالکیت متقاضی اعتراضی داشته باشند می‌توانند از تاریخ انتشار اولین آگهی به مدت دو ماه اعتراض خود را به این اداره تسلیم و پس از اخذ رسید ظرف مدت یک ماه از تاریخ تسلیم اعتراض دادخواست خود را به مرجع قضایی تقدیم نمایند. بدیهی است در صورت انقضای مدت مذکور و عدم وصول اعتراض طبق مقررات سند مالکیت صادر خواهد شد.
تاریخ انتشار نوبت اول: ۱۴۰۳/۰۵/۱۵ تاریخ انتشار نوبت دوم: ۱۴۰۳/۰۵/۳۰
علی یاور میرحمدی رئیس ثبت اسناد و املاک
آگهی موضوع ماده ۳ قانون و ماده ۱۳ آیین نامه قانون تعیین تکلیف وضعیت ثبتی اراضی و ساختمانهای فاقد سند رسمی
برابر رای شماره صادره هیات اول موضوع قانون تعیین تکلیف وضعیت ثبتی اراضی و ساختمانهای فاقد سند رسمی مستقر در واحد ثبتی تصرفات مالکانه بلامعارض متقاضی فرزند صادره به شماره شناسنامه در ششدانگ یک باب خانه به مساحت مترمربع پلاک فرعی از اصلی مفروز و مجزی شده از پلاک فرعی از اصلی واقع در بخش خریداری از مالک رسمی محرز گردیده است. لذا به منظور اطلاع عموم مراتب در دو نوبت به فاصله ۱۵ روز آگهی می‌شود در صورتی که اشخاص نسبت به صدور سند مالکیت متقاضی اعتراضی داشته باشند می‌توانند از تاریخ انتشار اولین آگهی به مدت دو ماه اعتراض خود را به این اداره تسلیم و پس از اخذ رسید ظرف مدت یک ماه از تاریخ تسلیم اعتراض دادخواست خود را به مرجع قضایی تقدیم نمایند. بدیهی است در صورت انقضای مدت مذکور و عدم وصول اعتراض طبق مقررات سند مالکیت صادر خواهد شد.
تاریخ انتشار نوبت اول: ۱۴۰۳/۰۵/۱۵ تاریخ انتشار نوبت دوم: ۱۴۰۳/۰۵/۳۰
هومن حرانی رئیس ثبت اسناد و املاک
آگهی موضوع ماده ۳ قانون و ماده ۱۳ آیین نامه قانون تعیین تکلیف وضعیت ثبتی اراضی و ساختمانهای فاقد سند رسمی
برابر رای شماره صادره هیات اول موضوع قانون تعیین تکلیف وضعیت ثبتی اراضی و ساختمانهای فاقد سند رسمی مستقر در واحد ثبتی تصرفات مالکانه بلامعارض متقاضی فرزند صادره به شماره شناسنامه در ششدانگ یک باب خانه به مساحت مترمربع پلاک فرعی از اصلی مفروز و مجزی شده از پلاک فرعی از اصلی واقع در بخش خریداری از مالک رسمی محرز گردیده است. لذا به منظور اطلاع عموم مراتب در دو نوبت به فاصله ۱۵ روز آگهی می‌شود در صورتی که اشخاص نسبت به صدور سند مالکیت متقاضی اعتراضی داشته باشند می‌توانند از تاریخ انتشار اولین آگهی به مدت دو ماه اعتراض خود را به این اداره تسلیم و پس از اخذ رسید ظرف مدت یک ماه از تاریخ تسلیم اعتراض دادخواست خود را به مرجع قضایی تقدیم نمایند. بدیهی است در صورت انقضای مدت مذکور و عدم وصول اعتراض طبق مقررات سند مالکیت صادر خواهد شد.
تاریخ انتشار نوبت اول: ۱۴۰۳/۰۵/۱۵ تاریخ انتشار نوبت دوم: ۱۴۰۳/۰۵/۳۰
رضا ده مرده رئیس ثبت اسناد و املاک
آگهی موضوع ماده ۳ قانون و ماده ۱۳ آیین نامه قانون تعیین تکلیف وضعیت ثبتی اراضی و ساختمانهای فاقد سند رسمی
برابر رای شماره صادره هیات اول موضوع قانون تعیین تکلیف وضعیت ثبتی اراضی و ساختمانهای فاقد سند رسمی مستقر در واحد ثبتی تصرفات مالکانه بلامعارض متقاضی فرزند صادره به شماره شناسنامه در ششدانگ یک باب خانه به مساحت مترمربع پلاک فرعی از اصلی مفروز و مجزی شده از پلاک فرعی از اصلی واقع در بخش خریداری از مالک رسمی محرز گردیده است. لذا به منظور اطلاع عموم مراتب در دو نوبت به فاصله ۱۵ روز آگهی می‌شود در صورتی که اشخاص نسبت به صدور سند مالکیت متقاضی اعتراضی داشته باشند می‌توانند از تاریخ انتشار اولین آگهی به مدت دو ماه اعتراض خود را به این اداره تسلیم و پس از اخذ رسید ظرف مدت یک ماه از تاریخ تسلیم اعتراض دادخواست خود را به مرجع قضایی تقدیم نمایند. بدیهی است در صورت انقضای مدت مذکور و عدم وصول اعتراض طبق مقررات سند مالکیت صادر خواهد شد.
تاریخ انتشار نوبت اول: ۱۴۰۳/۰۵/۱۵ تاریخ انتشار نوبت دوم: ۱۴۰۳/۰۵/۳۰
مهدی ناصری رئیس واحد ثبتی حوزه ثبت ملک شهرکرد
آگهی موضوع ماده ۳ قانون و ماده ۱۳ آیین نامه قانون تعیین تکلیف وضعیت ثبتی اراضی و ساختمانهای فاقد سند رسمی
برابر رای شماره صادره هیات اول موضوع قانون تعیین تکلیف وضعیت ثبتی اراضی و ساختمانهای فاقد سند رسمی مستقر در واحد ثبتی تصرفات مالکانه بلامعارض متقاضی فرزند صادره به شماره شناسنامه در ششدانگ یک باب خانه به مساحت مترمربع پلاک فرعی از اصلی مفروز و مجزی شده از پلاک فرعی از اصلی واقع در بخش خریداری از مالک رسمی محرز گردیده است. لذا به منظور اطلاع عموم مراتب در دو نوبت به فاصله ۱۵ روز آگهی می‌شود در صورتی که اشخاص نسبت به صدور سند مالکیت متقاضی اعتراضی داشته باشند می‌توانند از تاریخ انتشار اولین آگهی به مدت دو ماه اعتراض خود را به این اداره تسلیم و پس از اخذ رسید ظرف مدت یک ماه از تاریخ تسلیم اعتراض دادخواست خود را به مرجع قضایی تقدیم نمایند. بدیهی است در صورت انقضای مدت مذکور و عدم وصول اعتراض طبق مقررات سند مالکیت صادر خواهد شد.
تاریخ انتشار نوبت اول: ۱۴۰۳/۰۵/۱۵ تاریخ انتشار نوبت دوم: ۱۴۰۳/۰۵/۳۰
سعید عباسی رئیس ثبت اسناد و املاک
آگهی موضوع ماده ۳ قانون و ماده ۱۳ آیین نامه قانون تعیین تکلیف وضعیت ثبتی اراضی و ساختمانهای فاقد سند رسمی
برابر رای شماره صادره هیات اول موضوع قانون تعیین تکلیف وضعیت ثبتی اراضی و ساختمانهای فاقد سند رسمی مستقر در واحد ثبتی تصرفات مالکانه بلامعارض متقاضی فرزند صادره به شماره شناسنامه در ششدانگ یک باب خانه به مساحت مترمربع پلاک فرعی از اصلی مفروز و مجزی شده از پلاک فرعی از اصلی واقع در بخش خریداری از مالک رسمی محرز گردیده است. لذا به منظور اطلاع عموم مراتب در دو نوبت به فاصله ۱۵ روز آگهی می‌شود در صورتی که اشخاص نسبت به صدور سند مالکیت متقاضی اعتراضی داشته باشند می‌توانند از تاریخ انتشار اولین آگهی به مدت دو ماه اعتراض خود را به این اداره تسلیم و پس از اخذ رسید ظرف مدت یک ماه از تاریخ تسلیم اعتراض دادخواست خود را به مرجع قضایی تقدیم نمایند. بدیهی است در صورت انقضای مدت مذکور و عدم وصول اعتراض طبق مقررات سند مالکیت صادر خواهد شد.
تاریخ انتشار نوبت اول: ۱۴۰۳/۰۵/۱۵ تاریخ انتشار نوبت دوم: ۱۴۰۳/۰۵/۳۰
علیرضا کارسالاری رئیس ثبت اسناد و املاک فیروزکوه
آگهی موضوع ماده ۳ قانون و ماده ۱۳ آیین نامه قانون تعیین تکلیف وضعیت ثبتی اراضی و ساختمانهای فاقد سند رسمی
برابر رای شماره صادره هیات اول موضوع قانون تعیین تکلیف وضعیت ثبتی اراضی و ساختمانهای فاقد سند رسمی مستقر در واحد ثبتی تصرفات مالکانه بلامعارض متقاضی فرزند صادره به شماره شناسنامه در ششدانگ یک باب خانه به مساحت مترمربع پلاک فرعی از اصلی مفروز و مجزی شده از پلاک فرعی از اصلی واقع در بخش خریداری از مالک رسمی محرز گردیده است. لذا به منظور اطلاع عموم مراتب در دو نوبت به فاصله ۱۵ روز آگهی می‌شود در صورتی که اشخاص نسبت به صدور سند مالکیت متقاضی اعتراضی داشته باشند می‌توانند از تاریخ انتشار اولین آگهی به مدت دو ماه اعتراض خود را به این اداره تسلیم و پس از اخذ رسید ظرف مدت یک ماه از تاریخ تسلیم اعتراض دادخواست خود را به مرجع قضایی تقدیم نمایند. بدیهی است در صورت انقضای مدت مذکور و عدم وصول اعتراض طبق مقررات سند مالکیت صادر خواهد شد.
تاریخ انتشار نوبت اول: ۱۴۰۳/۰۵/۱۵ تاریخ انتشار نوبت دوم: ۱۴۰۳/۰۵/۳۰
انوش نده بخش رئیس ثبت اسناد و املاک شهرستان زنگ
آگهی موضوع ماده ۳ قانون و ماده ۱۳ آیین نامه قانون تعیین تکلیف وضعیت ثبتی اراضی و ساختمانهای فاقد سند رسمی
برابر رای شماره صادره هیات اول موضوع قانون تعیین تکلیف وضعیت ثبتی اراضی و ساختمانهای فاقد سند رسمی مستقر در واحد ثبتی تصرفات مالکانه بلامعارض متقاضی فرزند صادره به شماره شناسنامه در ششدانگ یک باب خانه به مساحت مترمربع پلاک فرعی از اصلی مفروز و مجزی شده از پلاک فرعی از اصلی واقع در بخش خریداری از مالک رسمی محرز گردیده است. لذا به منظور اطلاع عموم مراتب در دو نوبت به فاصله ۱۵ روز آگهی می‌شود در صورتی که اشخاص نسبت به صدور سند مالکیت متقاضی اعتراضی داشته باشند می‌توانند از تاریخ انتشار اولین آگهی به مدت دو ماه اعتراض خود را به این اداره تسلیم و پس از اخذ رسید ظرف مدت یک ماه از تاریخ تسلیم اعتراض دادخواست خود را به مرجع قضایی تقدیم نمایند. بدیهی است در صورت انقضای مدت مذکور و عدم وصول اعتراض طبق مقررات سند مالکیت صادر خواهد شد.
تاریخ انتشار نوبت اول: ۱۴۰۳/۰۵/۱۵ تاریخ انتشار نوبت دوم: ۱۴۰۳/۰۵/۳۰
محمد امرلو رئیس ثبت اسناد و املاک بروجرد
آگهی موضوع ماده ۳ قانون و ماده ۱۳ آیین نامه قانون تعیین تکلیف وضعیت ثبتی اراضی و ساختمانهای فاقد سند رسمی
برابر رای شماره صادره هیات اول موضوع قانون تعیین تکلیف وضعیت ثبتی اراضی و ساختمانهای فاقد سند رسمی مستقر در واحد ثبتی تصرفات مالکانه بلامعارض متقاضی فرزند صادره به شماره شناسنامه در ششدانگ یک باب خانه به مساحت مترمربع پلاک فرعی از اصلی مفروز و مجزی شده از پلاک فرعی از اصلی واقع در بخش خریداری از مالک رسمی محرز گردیده است. لذا به منظور اطلاع عموم مراتب در دو نوبت به فاصله ۱۵ روز آگهی می‌شود در صورتی که اشخاص نسبت به صدور سند مالکیت متقاضی اعتراضی داشته باشند می‌توانند از تاریخ انتشار اولین آگهی به مدت دو ماه اعتراض خود را به این اداره تسلیم و پس از اخذ رسید ظرف مدت یک ماه از تاریخ تسلیم اعتراض دادخواست خود را به مرجع قضایی تقدیم نمایند. بدیهی است در صورت انقضای مدت مذکور و عدم وصول اعتراض طبق مقررات سند مالکیت صادر خواهد شد.
تاریخ انتشار نوبت اول: ۱۴۰۳/۰۵/۱۵ تاریخ انتشار نوبت دوم: ۱۴۰۳/۰۵/۳۰
علی یاور میرحمدی رئیس ثبت اسناد و املاک
آگهی موضوع ماده ۳ قانون و ماده ۱۳ آیین نامه قانون تعیین تکلیف وضعیت ثبتی اراضی و ساختمانهای فاقد سند رسمی
برابر رای شماره صادره هیات اول موضوع قانون تعیین تکلیف وضعیت ثبتی اراضی و ساختمانهای فاقد سند رسمی مستقر در واحد ثبتی تصرفات مالکانه بلامعارض متقاضی فرزند صادره به شماره شناسنامه در ششدانگ یک باب خانه به مساحت مترمربع پلاک فرعی از اصلی مفروز و مجزی شده از پلاک فرعی از اصلی واقع در بخش خریداری از مالک رسمی محرز گردیده است. لذا به منظور اطلاع عموم مراتب در دو نوبت به فاصله ۱۵ روز آگهی می‌شود در صورتی که اشخاص نسبت به صدور سند مالکیت متقاضی اعتراضی داشته باشند می‌توانند از تاریخ انتشار اولین آگهی به مدت دو ماه اعتراض خود را به این اداره تسلیم و پس از اخذ رسید ظرف مدت یک ماه از تاریخ تسلیم اعتراض دادخواست خود را به مرجع قضایی تقدیم نمایند. بدیهی است در صورت انقضای مدت مذکور و عدم وصول اعتراض طبق مقررات سند مالکیت صادر خواهد شد.
تاریخ انتشار نوبت اول: ۱۴۰۳/۰۵/۱۵ تاریخ انتشار نوبت دوم: ۱۴۰۳/۰۵/۳۰
هومن حرانی رئیس ثبت اسناد و املاک
آگهی موضوع ماده ۳ قانون و ماده ۱۳ آیین نامه قانون تعیین تکلیف وضعیت ثبتی اراضی و ساختمانهای فاقد سند رسمی
برابر رای شماره صادره هیات اول موضوع قانون تعیین تکلیف وضعیت ثبتی اراضی و ساختمانهای فاقد سند رسمی مستقر در واحد ثبتی تصرفات مالکانه بلامعارض متقاضی فرزند صادره به شماره شناسنامه در ششدانگ یک باب خانه به مساحت مترمربع پلاک فرعی از اصلی مفروز و مجزی شده از پلاک فرعی از اصلی واقع در بخش خریداری از مالک رسمی محرز گردیده است. لذا به منظور اطلاع عموم مراتب در دو نوبت به فاصله ۱۵ روز آگهی می‌شود در صورتی که اشخاص نسبت به صدور سند مالکیت متقاضی اعتراضی داشته باشند می‌توانند از تاریخ انتشار اولین آگهی به مدت دو ماه اعتراض خود را به این اداره تسلیم و پس از اخذ رسید ظرف مدت یک ماه از تاریخ تسلیم اعتراض دادخواست خود را به مرجع قضایی تقدیم نمایند. بدیهی است در صورت انقضای مدت مذکور و عدم وصول اعتراض طبق مقررات سند مالکیت صادر خواهد شد.
تاریخ انتشار نوبت اول: ۱۴۰۳/۰۵/۱۵ تاریخ انتشار نوبت دوم: ۱۴۰۳/۰۵/۳۰
رضا ده مرده رئیس ثبت اسناد و املاک
آگهی موضوع ماده ۳ قانون و ماده ۱۳ آیین نامه قانون تعیین تکلیف وضعیت ثبتی اراضی و ساختمانهای فاقد سند رسمی
برابر رای شماره صادره هیات اول موضوع قانون تعیین تکلیف وضعیت ثبتی اراضی و ساختمانهای فاقد سند رسمی مستقر در واحد ثبتی تصرفات مالکانه بلامعارض متقاضی فرزند صادره به شماره شناسنامه در ششدانگ یک باب خانه به مساحت مترمربع پلاک فرعی از اصلی مفروز و مجزی شده از پلاک فرعی از اصلی واقع در بخش خریداری از مالک رسمی محرز گردیده است. لذا به منظور اطلاع عموم مراتب در دو نوبت به فاصله ۱۵ روز آگهی می‌شود در صورتی که اشخاص نسبت به صدور سند مالکیت متقاضی اعتراضی داشته باشند می‌توانند از تاریخ انتشار اولین آگهی به مدت دو ماه اعتراض خود را به این اداره تسلیم و پس از اخذ رسید ظرف مدت یک ماه از تاریخ تسلیم اعتراض دادخواست خود را به مرجع قضایی تقدیم نمایند. بدیهی است در صورت انقضای مدت مذکور و عدم وصول اعتراض طبق مقررات سند مالکیت صادر خواهد شد.
تاریخ انتشار نوبت اول: ۱۴۰۳/۰۵/۱۵ تاریخ انتشار نوبت دوم: ۱۴۰۳/۰۵/۳۰
مهدی ناصری رئیس واحد ثبتی حوزه ثبت ملک شهرکرد
آگهی موضوع ماده ۳ قانون و ماده ۱۳ آیین نامه قانون تعیین تکلیف وضعیت ثبتی اراضی و ساختمانهای فاقد سند رسمی
برابر رای شماره صادره هیات اول موضوع قانون تعیین تکلیف وضعیت ثبتی اراضی و ساختمانهای فاقد سند رسمی مستقر در واحد ثبتی تصرفات مالکانه بلامعارض متقاضی فرزند صادره به شماره شناسنامه در ششدانگ یک باب خانه به مساحت مترمربع پلاک فرعی از اصلی مفروز و مجزی شده از پلاک فرعی از اصلی واقع در بخش خریداری از مالک رسمی محرز گردیده است. لذا به منظور اطلاع عموم مراتب در دو نوبت به فاصله ۱۵ روز آگهی می‌شود در صورتی که اشخاص نسبت به صدور سند مالکیت متقاضی اعتراضی داشته باشند می‌توانند از تاریخ انتشار اولین آگهی به مدت دو ماه اعتراض خود را به این اداره تسلیم و پس از اخذ رسید ظرف مدت یک ماه از تاریخ تسلیم اعتراض دادخواست خود را به مرجع قضایی تقدیم نمایند. بدیهی است در صورت انقضای مدت مذکور و عدم وصول اعتراض طبق مقررات سند مالکیت صادر خواهد شد.
تاریخ انتشار نوبت اول: ۱۴۰۳/۰۵/۱۵ تاریخ انتشار نوبت دوم: ۱۴۰۳/۰۵/۳۰
سعید عباسی رئیس ثبت اسناد و املاک
آگهی موضوع ماده ۳ قانون و ماده ۱۳ آیین نامه قانون تعیین تکلیف وضعیت ثبتی اراضی و ساختمانهای فاقد سند رسمی
برابر رای شماره صادره هیات اول موضوع قانون تعیین تکلیف وضعیت ثبتی اراضی و ساختمانهای فاقد سند رسمی مستقر در واحد ثبتی تصرفات مالکانه بلامعارض متقاضی فرزند صادره به شماره شناسنامه در ششدانگ یک باب خانه به مساحت مترمربع پلاک فرعی از اصلی مفروز و مجزی شده از پلاک فرعی از اصلی واقع در بخش خریداری از مالک رسمی محرز گردیده است. لذا به منظور اطلاع عموم مراتب در دو نوبت به فاصله ۱۵ روز آگهی می‌شود در صورتی که اشخاص نسبت به صدور سند مالکیت متقاضی اعتراضی داشته باشند می‌توانند از تاریخ انتشار اولین آگهی به مدت دو ماه اعتراض خود را به این اداره تسلیم و پس از اخذ رسید ظرف مدت یک ماه از تاریخ تسلیم اعتراض دادخواست خود را به مرجع قضایی تقدیم نمایند. بدیهی است در صورت انقضای مدت مذکور و عدم وصول اعتراض طبق مقررات سند مالکیت صادر خواهد شد.
تاریخ انتشار نوبت اول: ۱۴۰۳/۰۵/۱۵ تاریخ انتشار نوبت دوم: ۱۴۰۳/۰۵/۳۰
علیرضا کارسالاری رئیس ثبت اسناد و املاک فیروزکوه
آگهی موضوع ماده ۳ قانون و ماده ۱۳ آیین نامه قانون تعیین تکلیف وضعیت ثبتی اراضی و ساختمانهای فاقد سند رسمی
برابر رای شماره صادره هیات اول موضوع قانون تعیین تکلیف وضعیت ثبتی اراضی و ساختمانهای فاقد سند رسمی مستقر در واحد ثبتی تصرفات مالکانه بلامعارض متقاضی فرزند صادره به شماره شناسنامه در ششدانگ یک باب خانه به مساحت مترمربع پلاک فرعی از اصلی مفروز و مجزی شده از پلاک فرعی از اصلی واقع در بخش خریداری از مالک رسمی محرز گردیده است. لذا به منظور اطلاع عموم مراتب در دو نوبت به فاصله ۱۵ روز آگهی می‌شود در صورتی که اشخاص نسبت به صدور سند مالکیت متقاضی اعتراضی داشته باشند می‌توانند از تاریخ انتشار اولین آگهی به مدت دو ماه اعتراض خود را به این اداره تسلیم و پس از اخذ رسید ظرف مدت یک ماه از تاریخ تسلیم اعتراض دادخواست خود را به مرجع قضایی تقدیم نمایند. بدیهی است در صورت انقضای مدت مذکور و عدم وصول اعتراض طبق مقررات سند مالکیت صادر خواهد شد.
تاریخ انتشار نوبت اول: ۱۴۰۳/۰۵/۱۵ تاریخ انتشار نوبت دوم: ۱۴۰۳/۰۵/۳۰
انوش نده بخش رئیس ثبت اسناد و املاک شهرستان زنگ
آگهی موضوع ماده ۳ قانون و ماده ۱۳ آیین نامه قانون تعیین تکلیف وضعیت ثبتی اراضی و ساختمانهای فاقد سند رسمی
برابر رای شماره صادره هیات اول موضوع قانون تعیین تکلیف وضعیت ثبتی اراضی و ساختمانهای فاقد سند رسمی مستقر در واحد ثبتی تصرفات مالکانه بلامعارض متقاضی فرزند صادره به شماره شناسنامه در ششدانگ یک باب خانه به مساحت مترمربع پلاک فرعی از اصلی مفروز و مجزی شده از پلاک فرعی از اصلی واقع در بخش خریداری از مالک رسمی محرز گردیده است. لذا به منظور اطلاع عموم مراتب در دو نوبت به فاصله ۱۵ روز آگهی می‌شود در صورتی که اشخاص نسبت به صدور سند مالکیت متقاضی اعتراضی داشته باشند می‌توانند از تاریخ انتشار اولین آگهی به مدت دو ماه اعتراض خود را به این اداره تسلیم و پس از اخذ رسید ظرف مدت یک ماه از تاریخ تسلیم اعتراض دادخواست خود را به مرجع قضایی تقدیم نمایند. بدیهی است در صورت انقضای مدت مذکور و عدم وصول اعتراض طبق مقررات سند مالکیت صادر خواهد شد.
تاریخ انتشار نوبت اول: ۱۴۰۳/۰۵/۱۵ تاریخ انتشار نوبت دوم: ۱۴۰۳/۰۵/۳۰
محمد امرلو رئیس ثبت اسناد و املاک بروجرد
